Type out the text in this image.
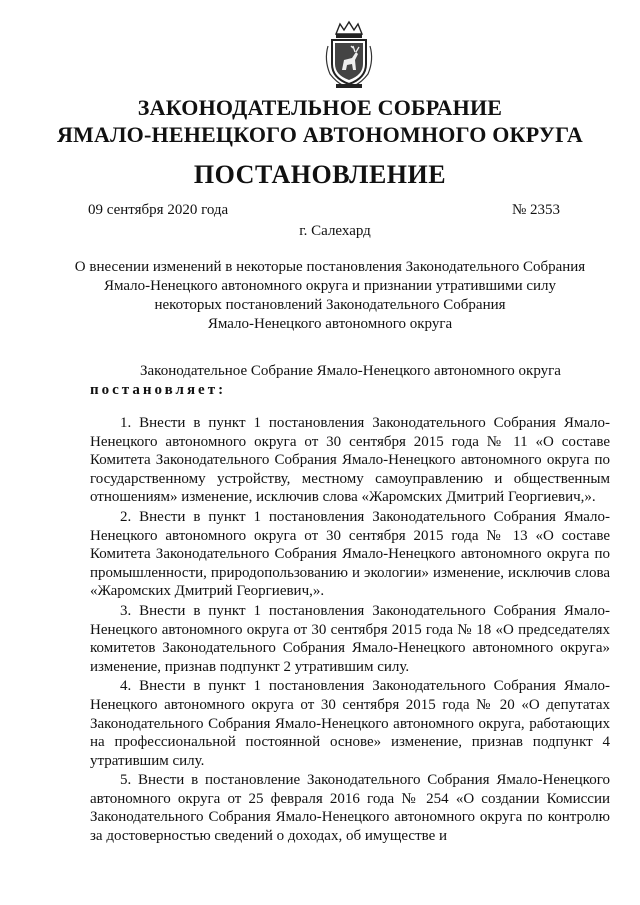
ЗАКОНОДАТЕЛЬНОЕ СОБРАНИЕ
ЯМАЛО-НЕНЕЦКОГО АВТОНОМНОГО ОКРУГА
ПОСТАНОВЛЕНИЕ
09 сентября 2020 года	№ 2353
г. Салехард
О внесении изменений в некоторые постановления Законодательного Собрания
Ямало-Ненецкого автономного округа и признании утратившими силу
некоторых постановлений Законодательного Собрания
Ямало-Ненецкого автономного округа
Законодательное Собрание Ямало-Ненецкого автономного округа
постановляет:
1. Внести в пункт 1 постановления Законодательного Собрания Ямало-Ненецкого автономного округа от 30 сентября 2015 года № 11 «О составе Комитета Законодательного Собрания Ямало-Ненецкого автономного округа по государственному устройству, местному самоуправлению и общественным отношениям» изменение, исключив слова «Жаромских Дмитрий Георгиевич,».
2. Внести в пункт 1 постановления Законодательного Собрания Ямало-Ненецкого автономного округа от 30 сентября 2015 года № 13 «О составе Комитета Законодательного Собрания Ямало-Ненецкого автономного округа по промышленности, природопользованию и экологии» изменение, исключив слова «Жаромских Дмитрий Георгиевич,».
3. Внести в пункт 1 постановления Законодательного Собрания Ямало-Ненецкого автономного округа от 30 сентября 2015 года № 18 «О председателях комитетов Законодательного Собрания Ямало-Ненецкого автономного округа» изменение, признав подпункт 2 утратившим силу.
4. Внести в пункт 1 постановления Законодательного Собрания Ямало-Ненецкого автономного округа от 30 сентября 2015 года № 20 «О депутатах Законодательного Собрания Ямало-Ненецкого автономного округа, работающих на профессиональной постоянной основе» изменение, признав подпункт 4 утратившим силу.
5. Внести в постановление Законодательного Собрания Ямало-Ненецкого автономного округа от 25 февраля 2016 года № 254 «О создании Комиссии Законодательного Собрания Ямало-Ненецкого автономного округа по контролю за достоверностью сведений о доходах, об имуществе и
